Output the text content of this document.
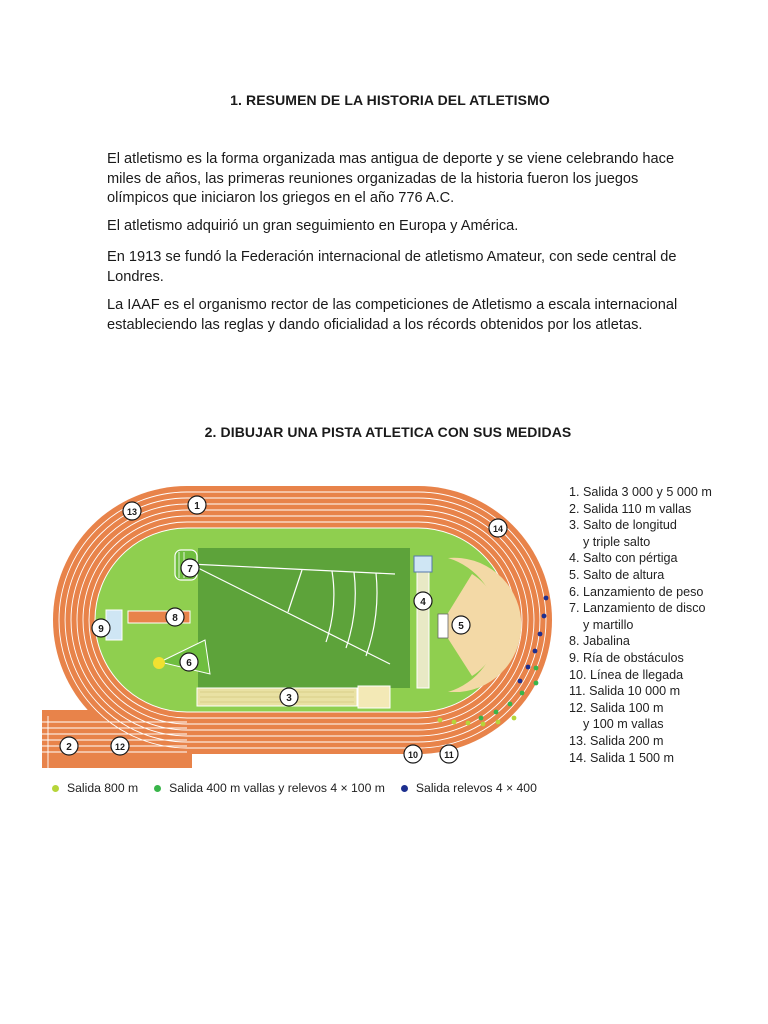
1. RESUMEN DE LA HISTORIA DEL ATLETISMO

El atletismo es la forma organizada mas antigua de deporte y se viene celebrando hace miles de años, las primeras reuniones organizadas de la historia fueron los juegos olímpicos que iniciaron los griegos en el año 776 A.C.

El atletismo adquirió un gran seguimiento en Europa y América.

En 1913 se fundó la Federación internacional de atletismo Amateur, con sede central de Londres.

La IAAF es el organismo rector de las competiciones de Atletismo a escala internacional estableciendo las reglas y dando oficialidad a los récords obtenidos por los atletas.

2. DIBUJAR UNA PISTA ATLETICA CON SUS MEDIDAS
1
13
14
7
8
9
6
4
5
3
2	12
10	11
1. Salida 3 000 y 5 000 m
2. Salida 110 m vallas
3. Salto de longitud
y triple salto
4. Salto con pértiga
5. Salto de altura
6. Lanzamiento de peso
7. Lanzamiento de disco
y martillo
8. Jabalina
9. Ría de obstáculos
10. Línea de llegada
11. Salida 10 000 m
12. Salida 100 m
y 100 m vallas
13. Salida 200 m
14. Salida 1 500 m
Salida 800 m	Salida 400 m vallas y relevos 4 × 100 m	Salida relevos 4 × 400
